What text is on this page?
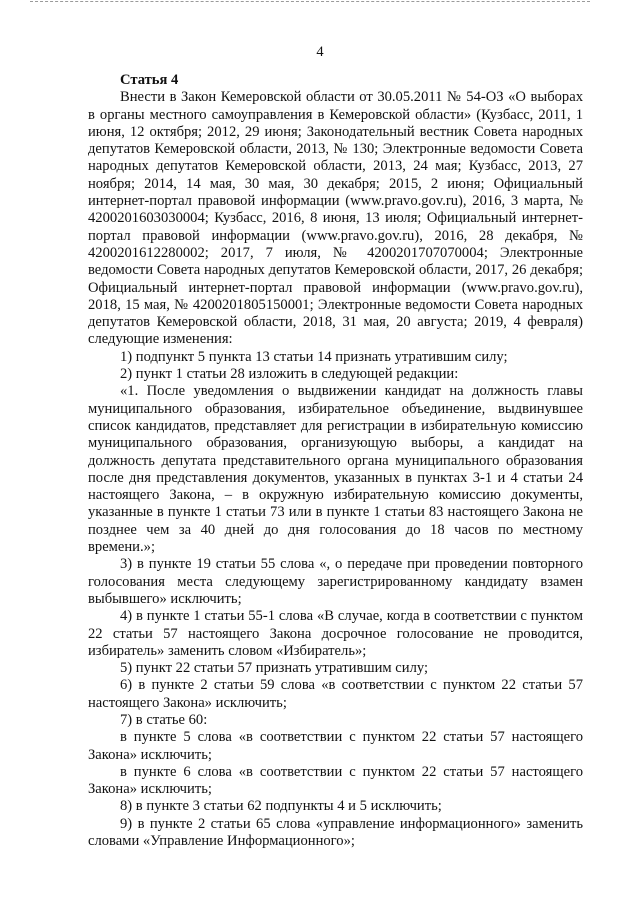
4
Статья 4
Внести в Закон Кемеровской области от 30.05.2011 № 54-ОЗ «О выборах в органы местного самоуправления в Кемеровской области» (Кузбасс, 2011, 1 июня, 12 октября; 2012, 29 июня; Законодательный вестник Совета народных депутатов Кемеровской области, 2013, № 130; Электронные ведомости Совета народных депутатов Кемеровской области, 2013, 24 мая; Кузбасс, 2013, 27 ноября; 2014, 14 мая, 30 мая, 30 декабря; 2015, 2 июня; Официальный интернет-портал правовой информации (www.pravo.gov.ru), 2016, 3 марта, № 4200201603030004; Кузбасс, 2016, 8 июня, 13 июля; Официальный интернет-портал правовой информации (www.pravo.gov.ru), 2016, 28 декабря, № 4200201612280002; 2017, 7 июля, № 4200201707070004; Электронные ведомости Совета народных депутатов Кемеровской области, 2017, 26 декабря; Официальный интернет-портал правовой информации (www.pravo.gov.ru), 2018, 15 мая, № 4200201805150001; Электронные ведомости Совета народных депутатов Кемеровской области, 2018, 31 мая, 20 августа; 2019, 4 февраля) следующие изменения:
1) подпункт 5 пункта 13 статьи 14 признать утратившим силу;
2) пункт 1 статьи 28 изложить в следующей редакции:
«1. После уведомления о выдвижении кандидат на должность главы муниципального образования, избирательное объединение, выдвинувшее список кандидатов, представляет для регистрации в избирательную комиссию муниципального образования, организующую выборы, а кандидат на должность депутата представительного органа муниципального образования после дня представления документов, указанных в пунктах 3-1 и 4 статьи 24 настоящего Закона, – в окружную избирательную комиссию документы, указанные в пункте 1 статьи 73 или в пункте 1 статьи 83 настоящего Закона не позднее чем за 40 дней до дня голосования до 18 часов по местному времени.»;
3) в пункте 19 статьи 55 слова «, о передаче при проведении повторного голосования места следующему зарегистрированному кандидату взамен выбывшего» исключить;
4) в пункте 1 статьи 55-1 слова «В случае, когда в соответствии с пунктом 22 статьи 57 настоящего Закона досрочное голосование не проводится, избиратель» заменить словом «Избиратель»;
5) пункт 22 статьи 57 признать утратившим силу;
6) в пункте 2 статьи 59 слова «в соответствии с пунктом 22 статьи 57 настоящего Закона» исключить;
7) в статье 60:
в пункте 5 слова «в соответствии с пунктом 22 статьи 57 настоящего Закона» исключить;
в пункте 6 слова «в соответствии с пунктом 22 статьи 57 настоящего Закона» исключить;
8) в пункте 3 статьи 62 подпункты 4 и 5 исключить;
9) в пункте 2 статьи 65 слова «управление информационного» заменить словами «Управление Информационного»;
